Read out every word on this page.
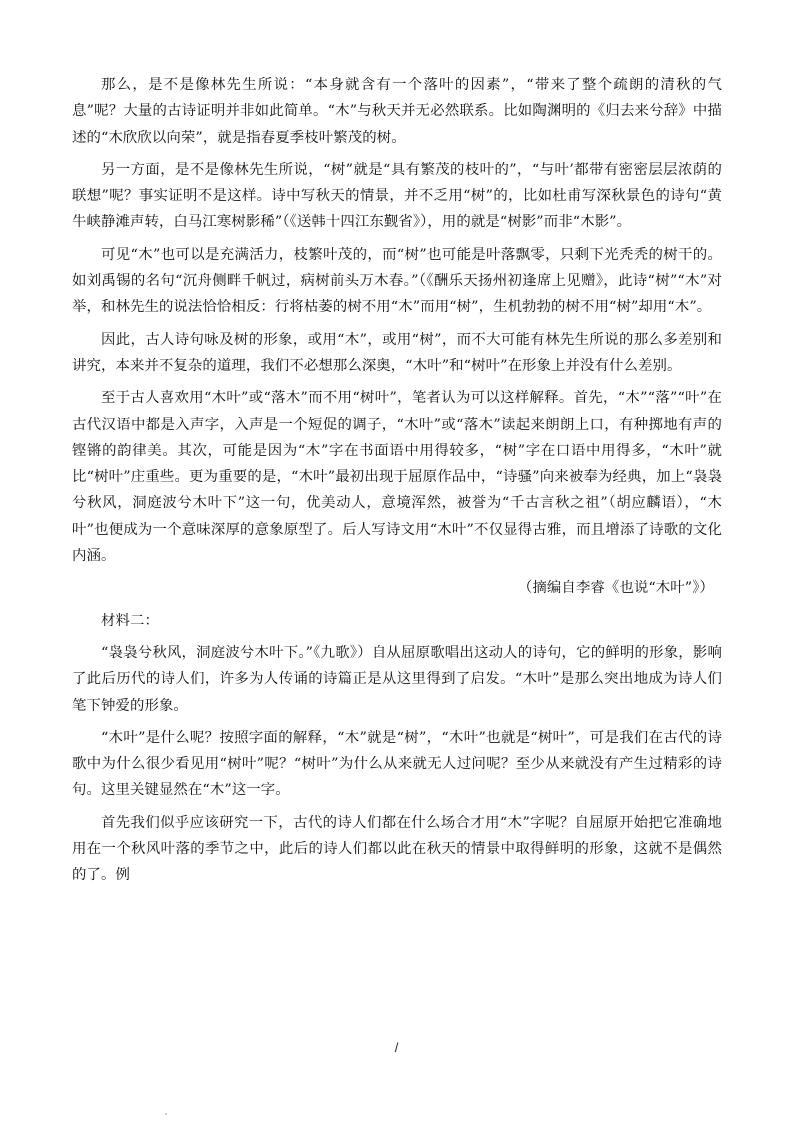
那么，是不是像林先生所说：“本身就含有一个落叶的因素”，“带来了整个疏朗的清秋的气息”呢？大量的古诗证明并非如此简单。“木”与秋天并无必然联系。比如陶渊明的《归去来兮辞》中描述的“木欣欣以向荣”，就是指春夏季枝叶繁茂的树。

另一方面，是不是像林先生所说，“树”就是“具有繁茂的枝叶的”，“与叶’都带有密密层层浓荫的联想”呢？事实证明不是这样。诗中写秋天的情景，并不乏用“树”的，比如杜甫写深秋景色的诗句“黄牛峡静滩声转，白马江寒树影稀”（《送韩十四江东觐省》），用的就是“树影”而非“木影”。

可见“木”也可以是充满活力，枝繁叶茂的，而“树”也可能是叶落飘零，只剩下光秃秃的树干的。如刘禹锡的名句“沉舟侧畔千帆过，病树前头万木春。”（《酬乐天扬州初逢席上见赠》，此诗“树”“木”对举，和林先生的说法恰恰相反：行将枯萎的树不用“木”而用“树”，生机勃勃的树不用“树”却用“木”。

因此，古人诗句咏及树的形象，或用“木”，或用“树”，而不大可能有林先生所说的那么多差别和讲究，本来并不复杂的道理，我们不必想那么深奥，“木叶”和“树叶”在形象上并没有什么差别。

至于古人喜欢用“木叶”或“落木”而不用“树叶”，笔者认为可以这样解释。首先，“木”“落”“叶”在古代汉语中都是入声字，入声是一个短促的调子，“木叶”或“落木”读起来朗朗上口，有种掷地有声的铿锵的韵律美。其次，可能是因为“木”字在书面语中用得较多，“树”字在口语中用得多，“木叶”就比“树叶”庄重些。更为重要的是，“木叶”最初出现于屈原作品中，“诗骚”向来被奉为经典，加上“袅袅兮秋风，洞庭波兮木叶下”这一句，优美动人，意境浑然，被誉为“千古言秋之祖”（胡应麟语），“木叶”也便成为一个意味深厚的意象原型了。后人写诗文用“木叶”不仅显得古雅，而且增添了诗歌的文化内涵。

（摘编自李睿《也说“木叶”》）

材料二：

“袅袅兮秋风，洞庭波兮木叶下。”《九歌》）自从屈原歌唱出这动人的诗句，它的鲜明的形象，影响了此后历代的诗人们，许多为人传诵的诗篇正是从这里得到了启发。“木叶”是那么突出地成为诗人们笔下钟爱的形象。

“木叶”是什么呢？按照字面的解释，“木”就是“树”，“木叶”也就是“树叶”，可是我们在古代的诗歌中为什么很少看见用“树叶”呢？“树叶”为什么从来就无人过问呢？至少从来就没有产生过精彩的诗句。这里关键显然在“木”这一字。

首先我们似乎应该研究一下，古代的诗人们都在什么场合才用“木”字呢？自屈原开始把它准确地用在一个秋风叶落的季节之中，此后的诗人们都以此在秋天的情景中取得鲜明的形象，这就不是偶然的了。例

/
